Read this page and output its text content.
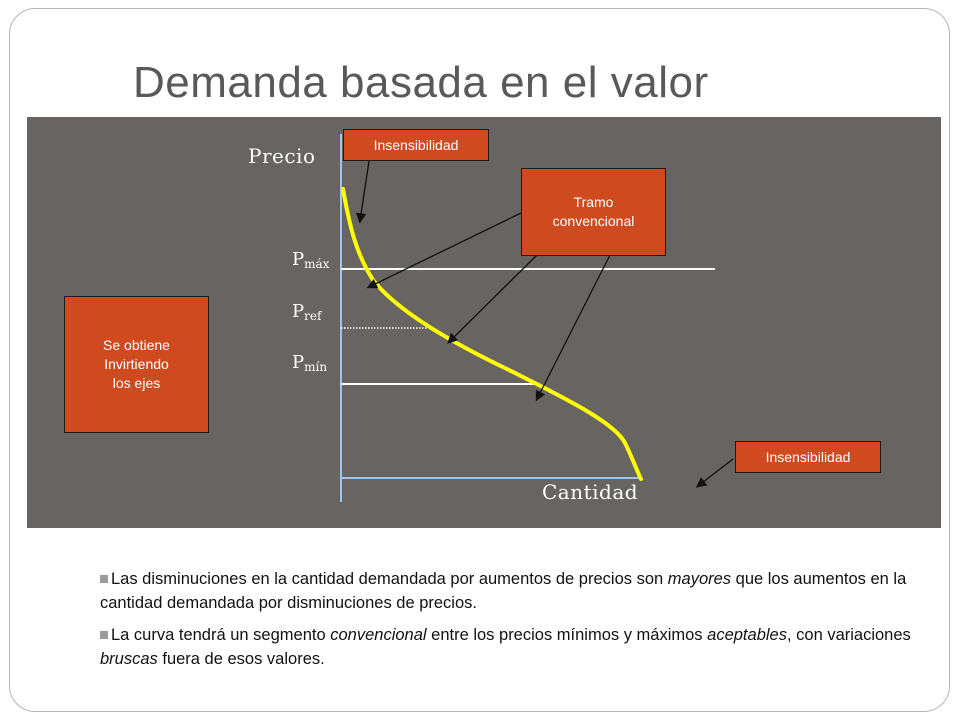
Demanda basada en el valor
Precio
Cantidad
$P_{máx}$
$P_{ref}$
$P_{mín}$
Insensibilidad
Tramo
convencional
Se obtiene
Invirtiendo
los ejes
Insensibilidad
Las disminuciones en la cantidad demandada por aumentos de precios son mayores que los aumentos en la cantidad demandada por disminuciones de precios.
La curva tendrá un segmento convencional entre los precios mínimos y máximos aceptables, con variaciones bruscas fuera de esos valores.
